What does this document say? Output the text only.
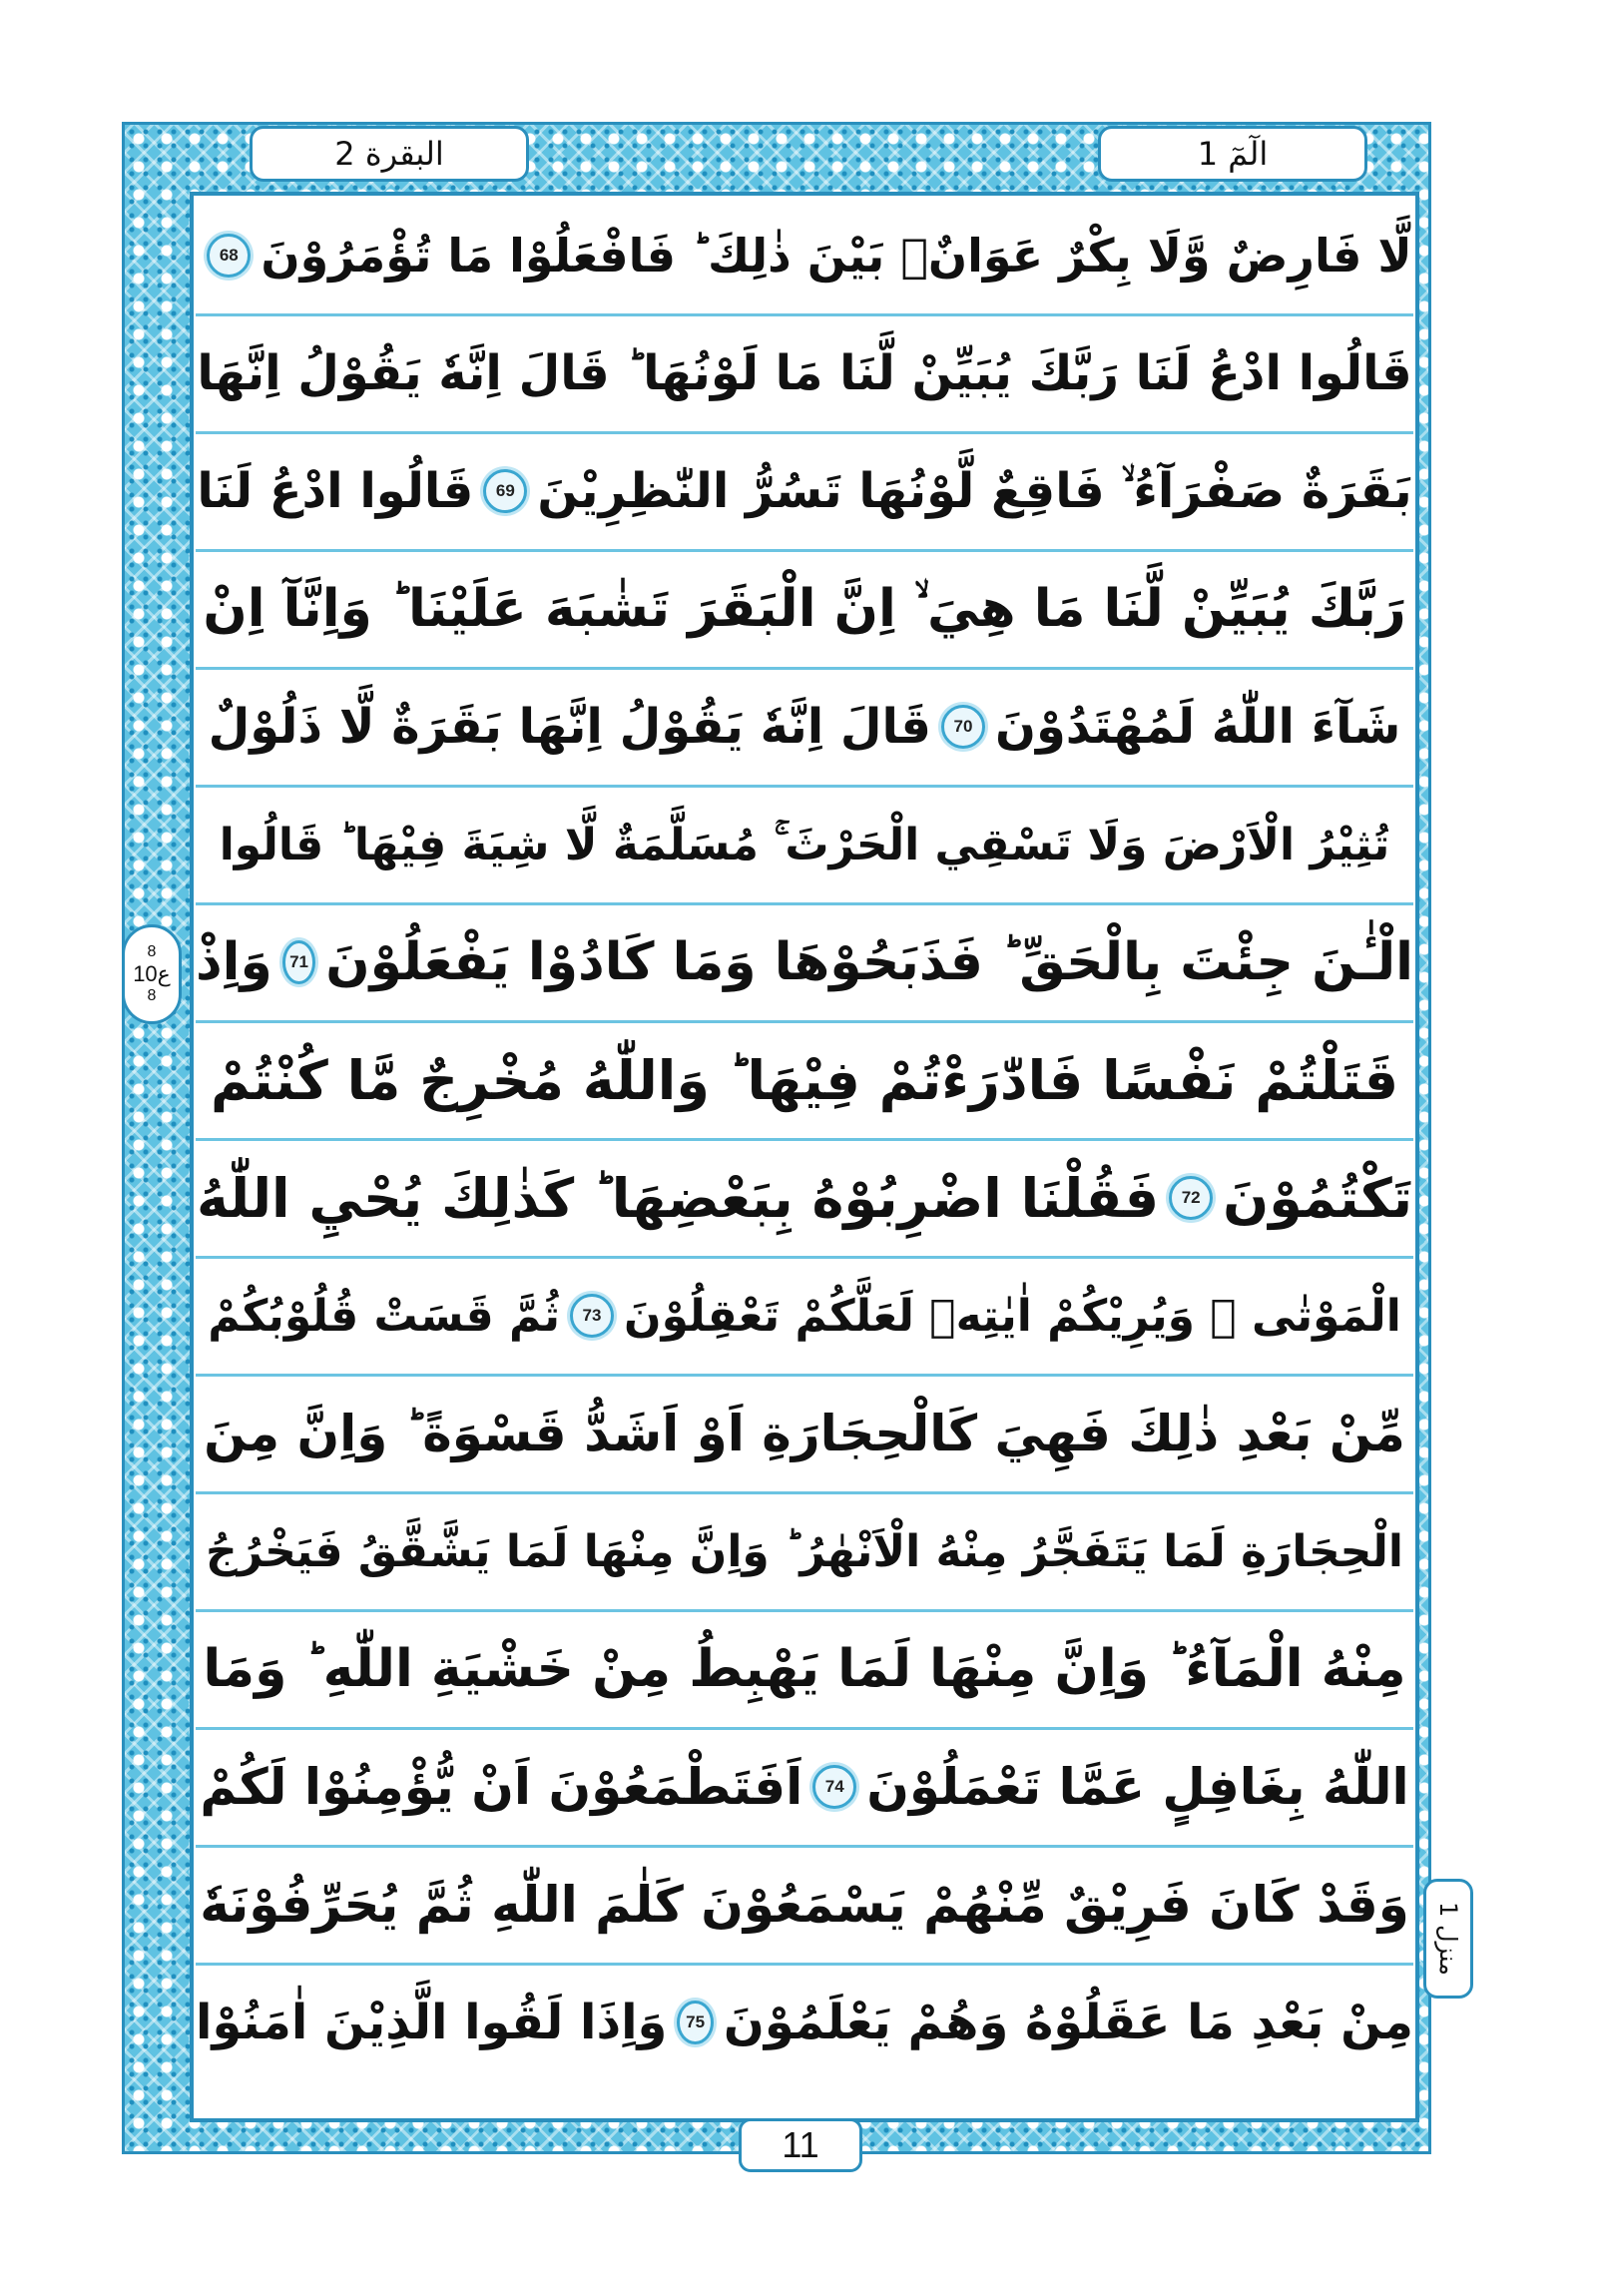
البقرة 2	الٓمٓ 1
8
ع10
8
منزل 1
لَّا فَارِضٌ وَّلَا بِكْرٌ عَوَانٌۢ بَيْنَ ذٰلِكَ ؕ فَافْعَلُوْا مَا تُؤْمَرُوْنَ
68
قَالُوا ادْعُ لَنَا رَبَّكَ يُبَيِّنْ لَّنَا مَا لَوْنُهَا ؕ قَالَ اِنَّهٗ يَقُوْلُ اِنَّهَا
بَقَرَةٌ صَفْرَآءُ ۙ فَاقِعٌ لَّوْنُهَا تَسُرُّ النّٰظِرِيْنَ
69
قَالُوا ادْعُ لَنَا
رَبَّكَ يُبَيِّنْ لَّنَا مَا هِيَ ۙ اِنَّ الْبَقَرَ تَشٰبَهَ عَلَيْنَا ؕ وَاِنَّآ اِنْ
شَآءَ اللّٰهُ لَمُهْتَدُوْنَ
70
قَالَ اِنَّهٗ يَقُوْلُ اِنَّهَا بَقَرَةٌ لَّا ذَلُوْلٌ
تُثِيْرُ الْاَرْضَ وَلَا تَسْقِي الْحَرْثَ ۚ مُسَلَّمَةٌ لَّا شِيَةَ فِيْهَا ؕ قَالُوا
الْـٰٔنَ جِئْتَ بِالْحَقِّ ؕ فَذَبَحُوْهَا وَمَا كَادُوْا يَفْعَلُوْنَ
71
وَاِذْ
قَتَلْتُمْ نَفْسًا فَادّٰرَءْتُمْ فِيْهَا ؕ وَاللّٰهُ مُخْرِجٌ مَّا كُنْتُمْ
تَكْتُمُوْنَ
72
فَقُلْنَا اضْرِبُوْهُ بِبَعْضِهَا ؕ كَذٰلِكَ يُحْيِ اللّٰهُ
الْمَوْتٰى ۙ وَيُرِيْكُمْ اٰيٰتِهٖ لَعَلَّكُمْ تَعْقِلُوْنَ
73
ثُمَّ قَسَتْ قُلُوْبُكُمْ
مِّنْ بَعْدِ ذٰلِكَ فَهِيَ كَالْحِجَارَةِ اَوْ اَشَدُّ قَسْوَةً ؕ وَاِنَّ مِنَ
الْحِجَارَةِ لَمَا يَتَفَجَّرُ مِنْهُ الْاَنْهٰرُ ؕ وَاِنَّ مِنْهَا لَمَا يَشَّقَّقُ فَيَخْرُجُ
مِنْهُ الْمَآءُ ؕ وَاِنَّ مِنْهَا لَمَا يَهْبِطُ مِنْ خَشْيَةِ اللّٰهِ ؕ وَمَا
اللّٰهُ بِغَافِلٍ عَمَّا تَعْمَلُوْنَ
74
اَفَتَطْمَعُوْنَ اَنْ يُّؤْمِنُوْا لَكُمْ
وَقَدْ كَانَ فَرِيْقٌ مِّنْهُمْ يَسْمَعُوْنَ كَلٰمَ اللّٰهِ ثُمَّ يُحَرِّفُوْنَهٗ
مِنْ بَعْدِ مَا عَقَلُوْهُ وَهُمْ يَعْلَمُوْنَ
75
وَاِذَا لَقُوا الَّذِيْنَ اٰمَنُوْا
11
